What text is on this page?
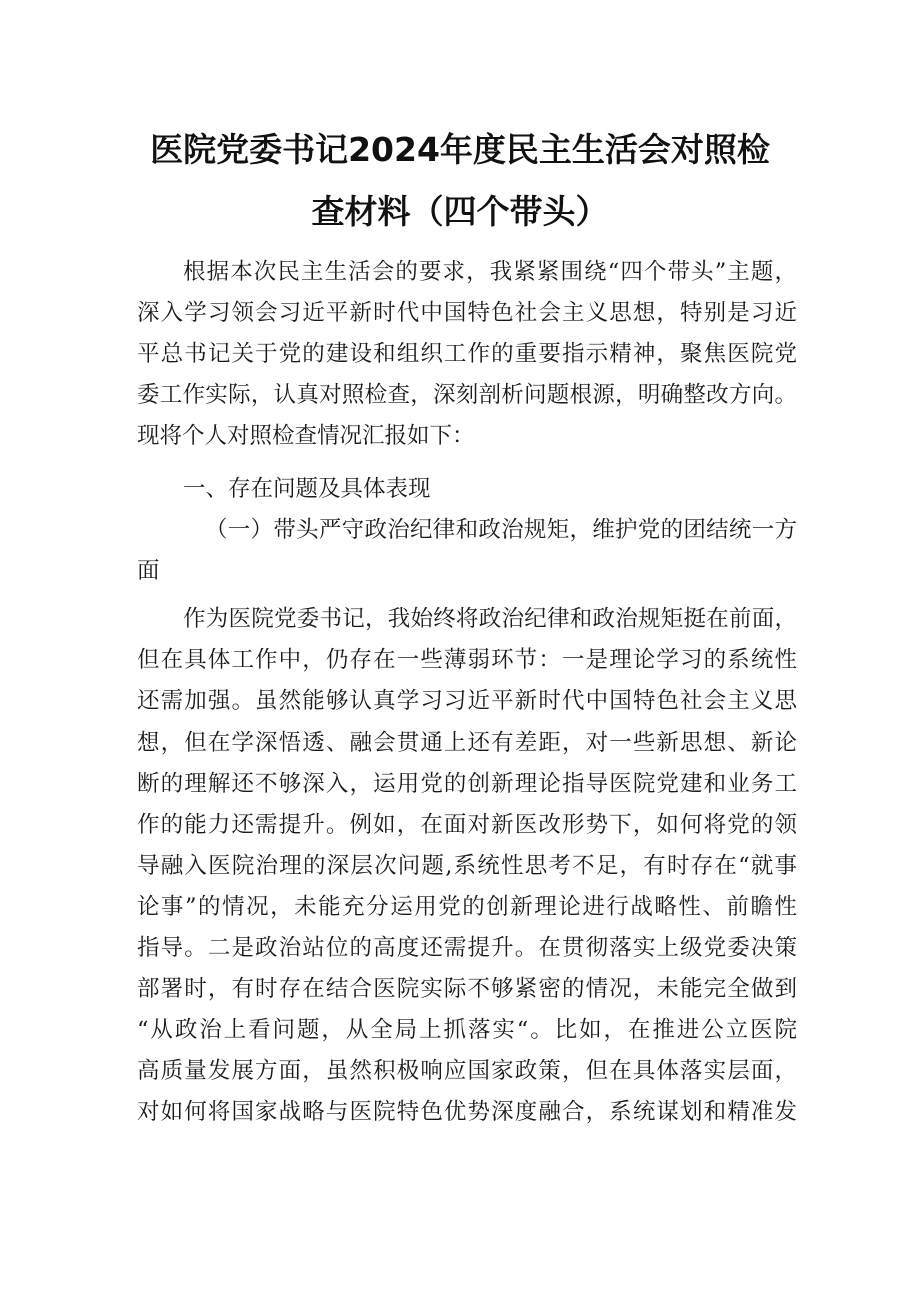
医院党委书记2024年度民主生活会对照检
查材料（四个带头）
根据本次民主生活会的要求，我紧紧围绕“四个带头”主题，
深入学习领会习近平新时代中国特色社会主义思想，特别是习近
平总书记关于党的建设和组织工作的重要指示精神，聚焦医院党
委工作实际，认真对照检查，深刻剖析问题根源，明确整改方向。
现将个人对照检查情况汇报如下：
一、存在问题及具体表现
（一）带头严守政治纪律和政治规矩，维护党的团结统一方
面
作为医院党委书记，我始终将政治纪律和政治规矩挺在前面，
但在具体工作中，仍存在一些薄弱环节：一是理论学习的系统性
还需加强。虽然能够认真学习习近平新时代中国特色社会主义思
想，但在学深悟透、融会贯通上还有差距，对一些新思想、新论
断的理解还不够深入，运用党的创新理论指导医院党建和业务工
作的能力还需提升。例如，在面对新医改形势下，如何将党的领
导融入医院治理的深层次问题,系统性思考不足，有时存在“就事
论事”的情况，未能充分运用党的创新理论进行战略性、前瞻性
指导。二是政治站位的高度还需提升。在贯彻落实上级党委决策
部署时，有时存在结合医院实际不够紧密的情况，未能完全做到
“从政治上看问题，从全局上抓落实“。比如，在推进公立医院
高质量发展方面，虽然积极响应国家政策，但在具体落实层面，
对如何将国家战略与医院特色优势深度融合，系统谋划和精准发
